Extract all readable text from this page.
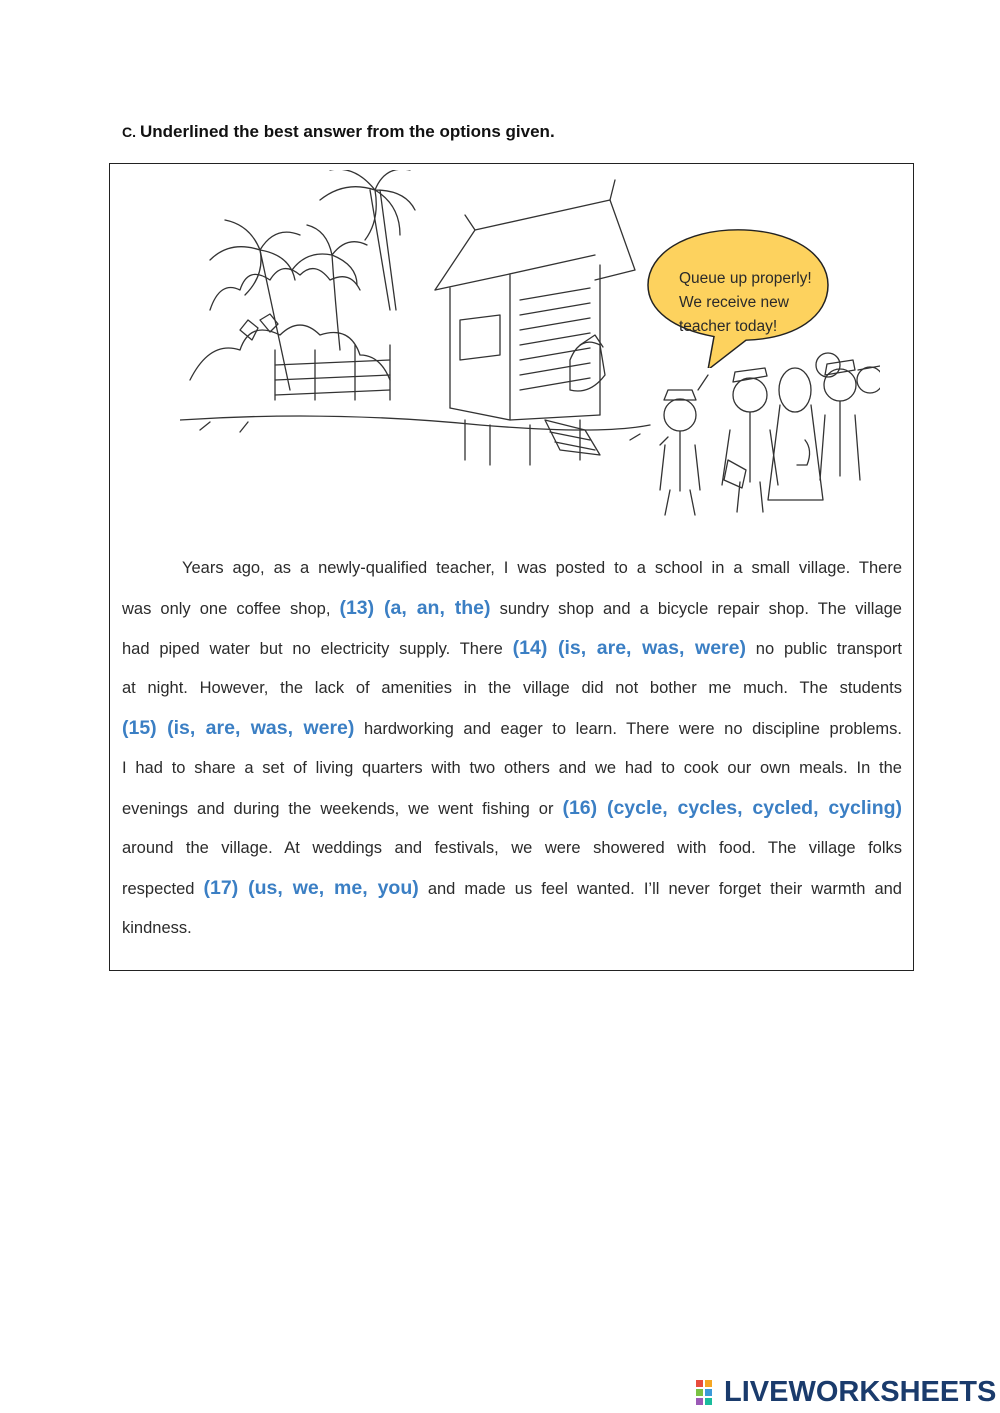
C. Underlined the best answer from the options given.
Queue up properly!
We receive new
teacher today!
Years ago, as a newly-qualified teacher, I was posted to a school in a small village. There
was only one coffee shop, (13) (a, an, the) sundry shop and a bicycle repair shop. The village
had piped water but no electricity supply. There (14) (is, are, was, were) no public transport
at night. However, the lack of amenities in the village did not bother me much. The students
(15) (is, are, was, were) hardworking and eager to learn. There were no discipline problems.
I had to share a set of living quarters with two others and we had to cook our own meals. In the
evenings and during the weekends, we went fishing or (16) (cycle, cycles, cycled, cycling)
around the village. At weddings and festivals, we were showered with food. The village folks
respected (17) (us, we, me, you) and made us feel wanted. I’ll never forget their warmth and
kindness.
LIVEWORKSHEETS
